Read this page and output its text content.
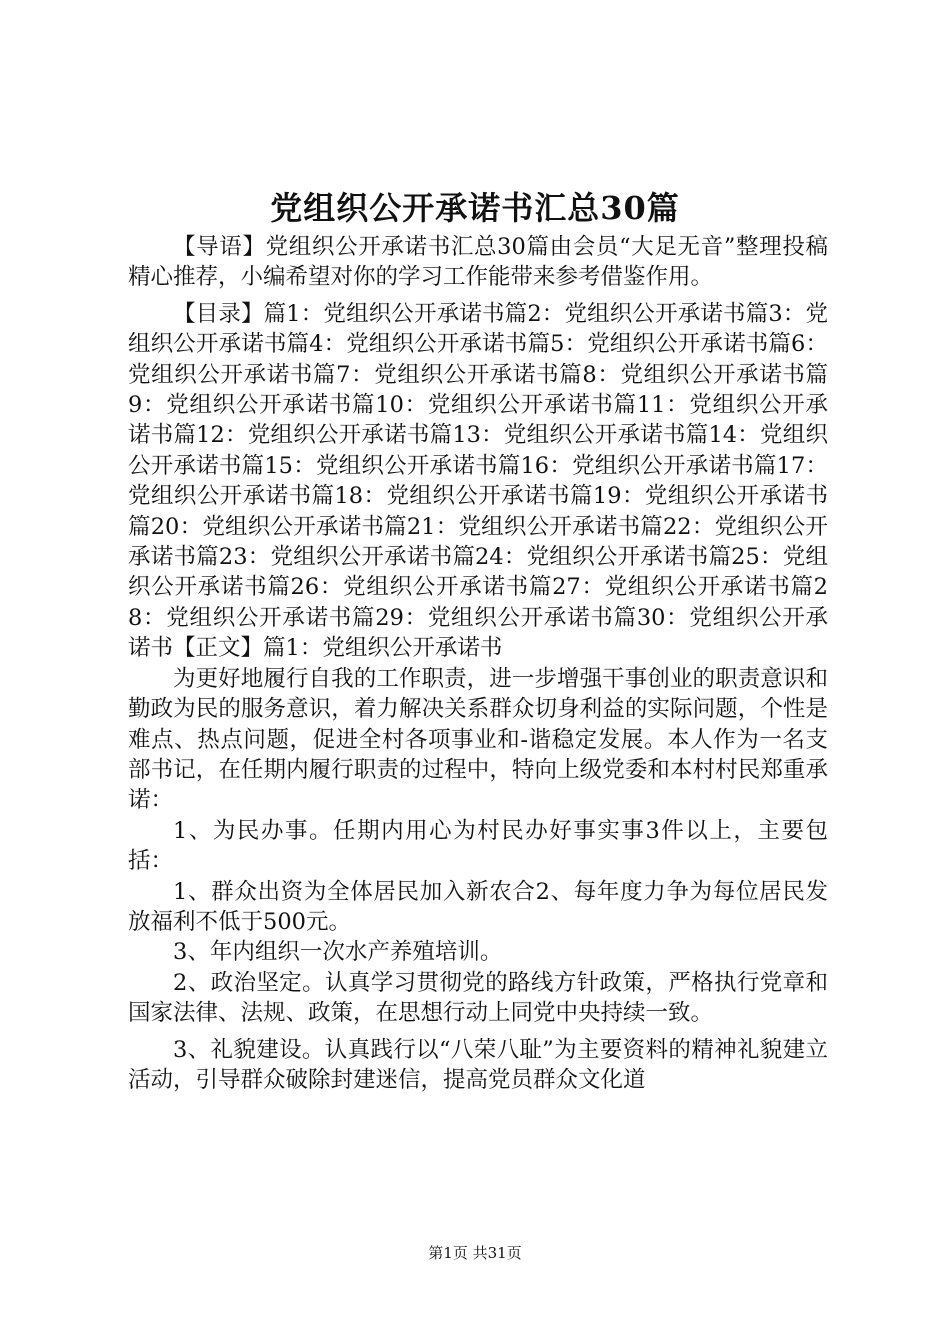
党组织公开承诺书汇总30篇

【导语】党组织公开承诺书汇总30篇由会员“大足无音”整理投稿精心推荐，小编希望对你的学习工作能带来参考借鉴作用。

【目录】篇1：党组织公开承诺书篇2：党组织公开承诺书篇3：党组织公开承诺书篇4：党组织公开承诺书篇5：党组织公开承诺书篇6：党组织公开承诺书篇7：党组织公开承诺书篇8：党组织公开承诺书篇9：党组织公开承诺书篇10：党组织公开承诺书篇11：党组织公开承诺书篇12：党组织公开承诺书篇13：党组织公开承诺书篇14：党组织公开承诺书篇15：党组织公开承诺书篇16：党组织公开承诺书篇17：党组织公开承诺书篇18：党组织公开承诺书篇19：党组织公开承诺书篇20：党组织公开承诺书篇21：党组织公开承诺书篇22：党组织公开承诺书篇23：党组织公开承诺书篇24：党组织公开承诺书篇25：党组织公开承诺书篇26：党组织公开承诺书篇27：党组织公开承诺书篇28：党组织公开承诺书篇29：党组织公开承诺书篇30：党组织公开承诺书【正文】篇1：党组织公开承诺书

为更好地履行自我的工作职责，进一步增强干事创业的职责意识和勤政为民的服务意识，着力解决关系群众切身利益的实际问题，个性是难点、热点问题，促进全村各项事业和-谐稳定发展。本人作为一名支部书记，在任期内履行职责的过程中，特向上级党委和本村村民郑重承诺：

1、为民办事。任期内用心为村民办好事实事3件以上，主要包括：

1、群众出资为全体居民加入新农合2、每年度力争为每位居民发放福利不低于500元。

3、年内组织一次水产养殖培训。

2、政治坚定。认真学习贯彻党的路线方针政策，严格执行党章和国家法律、法规、政策，在思想行动上同党中央持续一致。

3、礼貌建设。认真践行以“八荣八耻”为主要资料的精神礼貌建立活动，引导群众破除封建迷信，提高党员群众文化道

第1页 共31页
